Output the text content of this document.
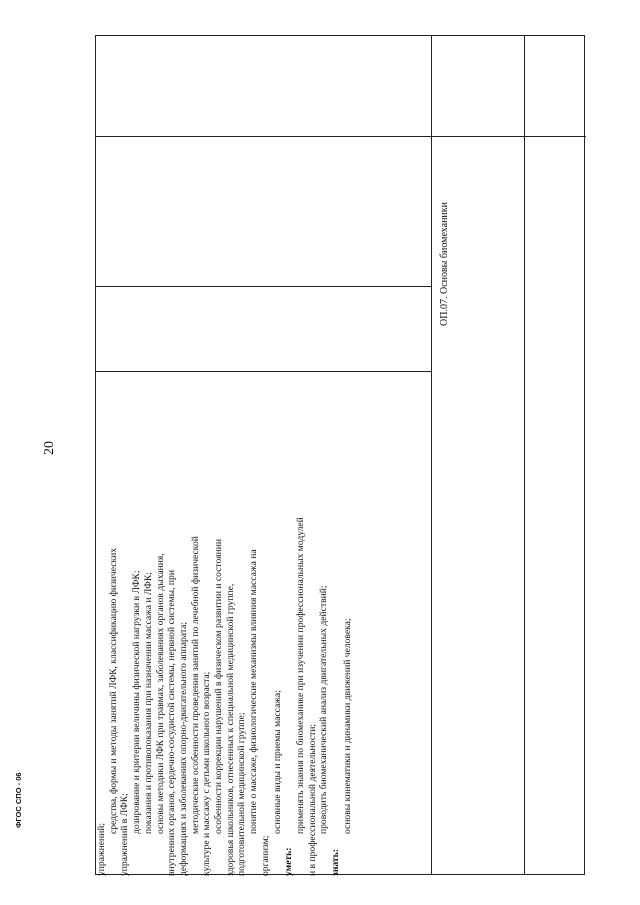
20
ФГОС СПО - 06

упражнений;

средства, формы и методы занятий ЛФК, классификацию физических упражнений в ЛФК;

дозирование и критерии величины физической нагрузки в ЛФК; показания и противопоказания при назначении массажа и ЛФК; основы методики ЛФК при травмах, заболеваниях органов дыхания, внутренних органов, сердечно-сосудистой системы, нервной системы, при деформациях и заболеваниях опорно-двигательного аппарата; методические особенности проведения занятий по лечебной физической культуре и массажу с детьми школьного возраста; особенности коррекции нарушений в физическом развитии и состоянии здоровья школьников, отнесенных к специальной медицинской группе, подготовительной медицинской группе; понятие о массаже, физиологические механизмы влияния массажа на организм;

основные виды и приемы массажа;

уметь:

применять знания по биомеханике при изучении профессиональных модулей и в профессиональной деятельности; проводить биомеханический анализ двигательных действий;

знать:

основы кинематики и динамики движений человека;

ОП.07. Основы биомеханики
